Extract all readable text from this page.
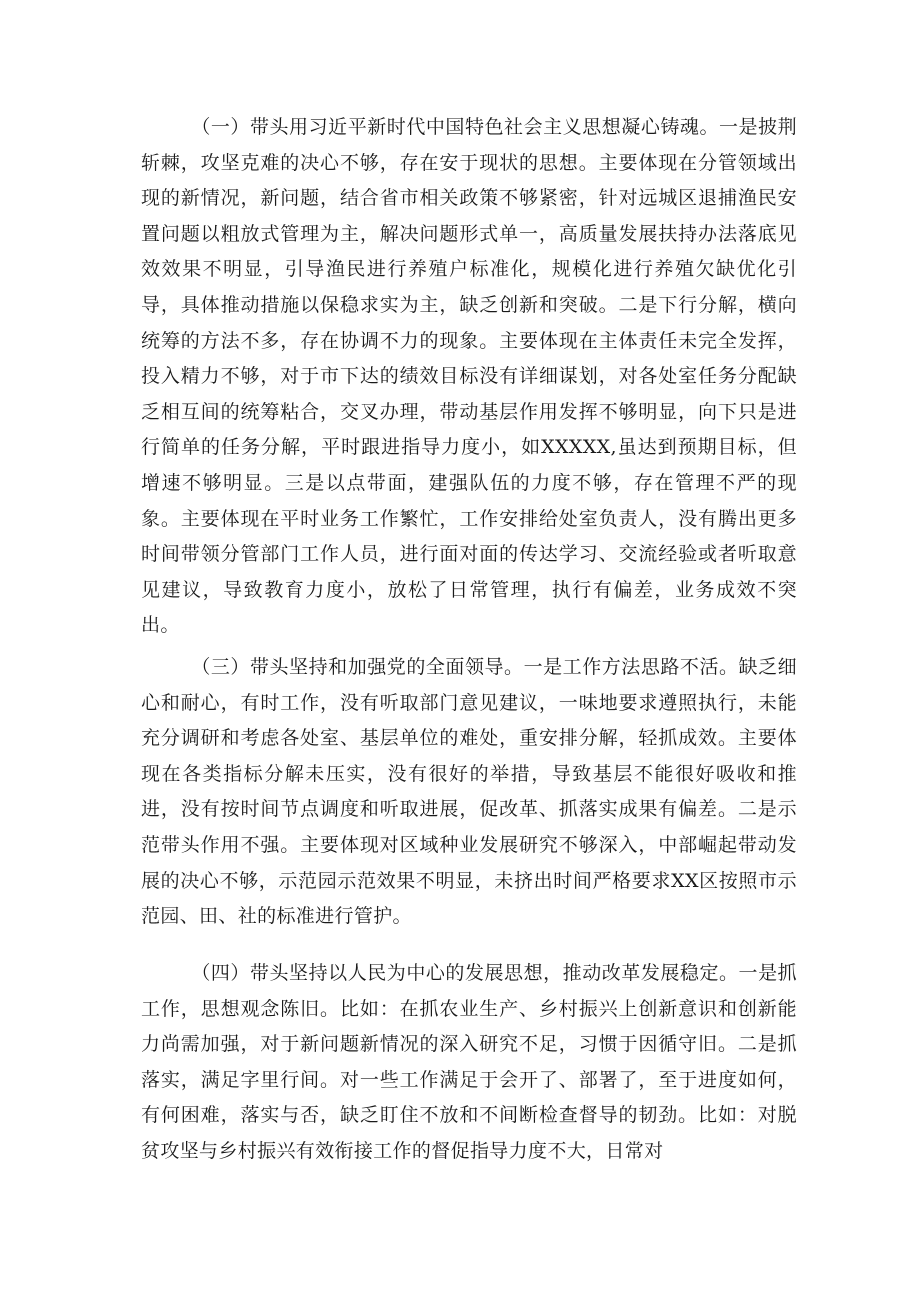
（一）带头用习近平新时代中国特色社会主义思想凝心铸魂。一是披荆斩棘，攻坚克难的决心不够，存在安于现状的思想。主要体现在分管领域出现的新情况，新问题，结合省市相关政策不够紧密，针对远城区退捕渔民安置问题以粗放式管理为主，解决问题形式单一，高质量发展扶持办法落底见效效果不明显，引导渔民进行养殖户标准化，规模化进行养殖欠缺优化引导，具体推动措施以保稳求实为主，缺乏创新和突破。二是下行分解，横向统筹的方法不多，存在协调不力的现象。主要体现在主体责任未完全发挥，投入精力不够，对于市下达的绩效目标没有详细谋划，对各处室任务分配缺乏相互间的统筹粘合，交叉办理，带动基层作用发挥不够明显，向下只是进行简单的任务分解，平时跟进指导力度小，如XXXXX,虽达到预期目标，但增速不够明显。三是以点带面，建强队伍的力度不够，存在管理不严的现象。主要体现在平时业务工作繁忙，工作安排给处室负责人，没有腾出更多时间带领分管部门工作人员，进行面对面的传达学习、交流经验或者听取意见建议，导致教育力度小，放松了日常管理，执行有偏差，业务成效不突出。

（三）带头坚持和加强党的全面领导。一是工作方法思路不活。缺乏细心和耐心，有时工作，没有听取部门意见建议，一味地要求遵照执行，未能充分调研和考虑各处室、基层单位的难处，重安排分解，轻抓成效。主要体现在各类指标分解未压实，没有很好的举措，导致基层不能很好吸收和推进，没有按时间节点调度和听取进展，促改革、抓落实成果有偏差。二是示范带头作用不强。主要体现对区域种业发展研究不够深入，中部崛起带动发展的决心不够，示范园示范效果不明显，未挤出时间严格要求XX区按照市示范园、田、社的标准进行管护。

（四）带头坚持以人民为中心的发展思想，推动改革发展稳定。一是抓工作，思想观念陈旧。比如：在抓农业生产、乡村振兴上创新意识和创新能力尚需加强，对于新问题新情况的深入研究不足，习惯于因循守旧。二是抓落实，满足字里行间。对一些工作满足于会开了、部署了，至于进度如何，有何困难，落实与否，缺乏盯住不放和不间断检查督导的韧劲。比如：对脱贫攻坚与乡村振兴有效衔接工作的督促指导力度不大，日常对
